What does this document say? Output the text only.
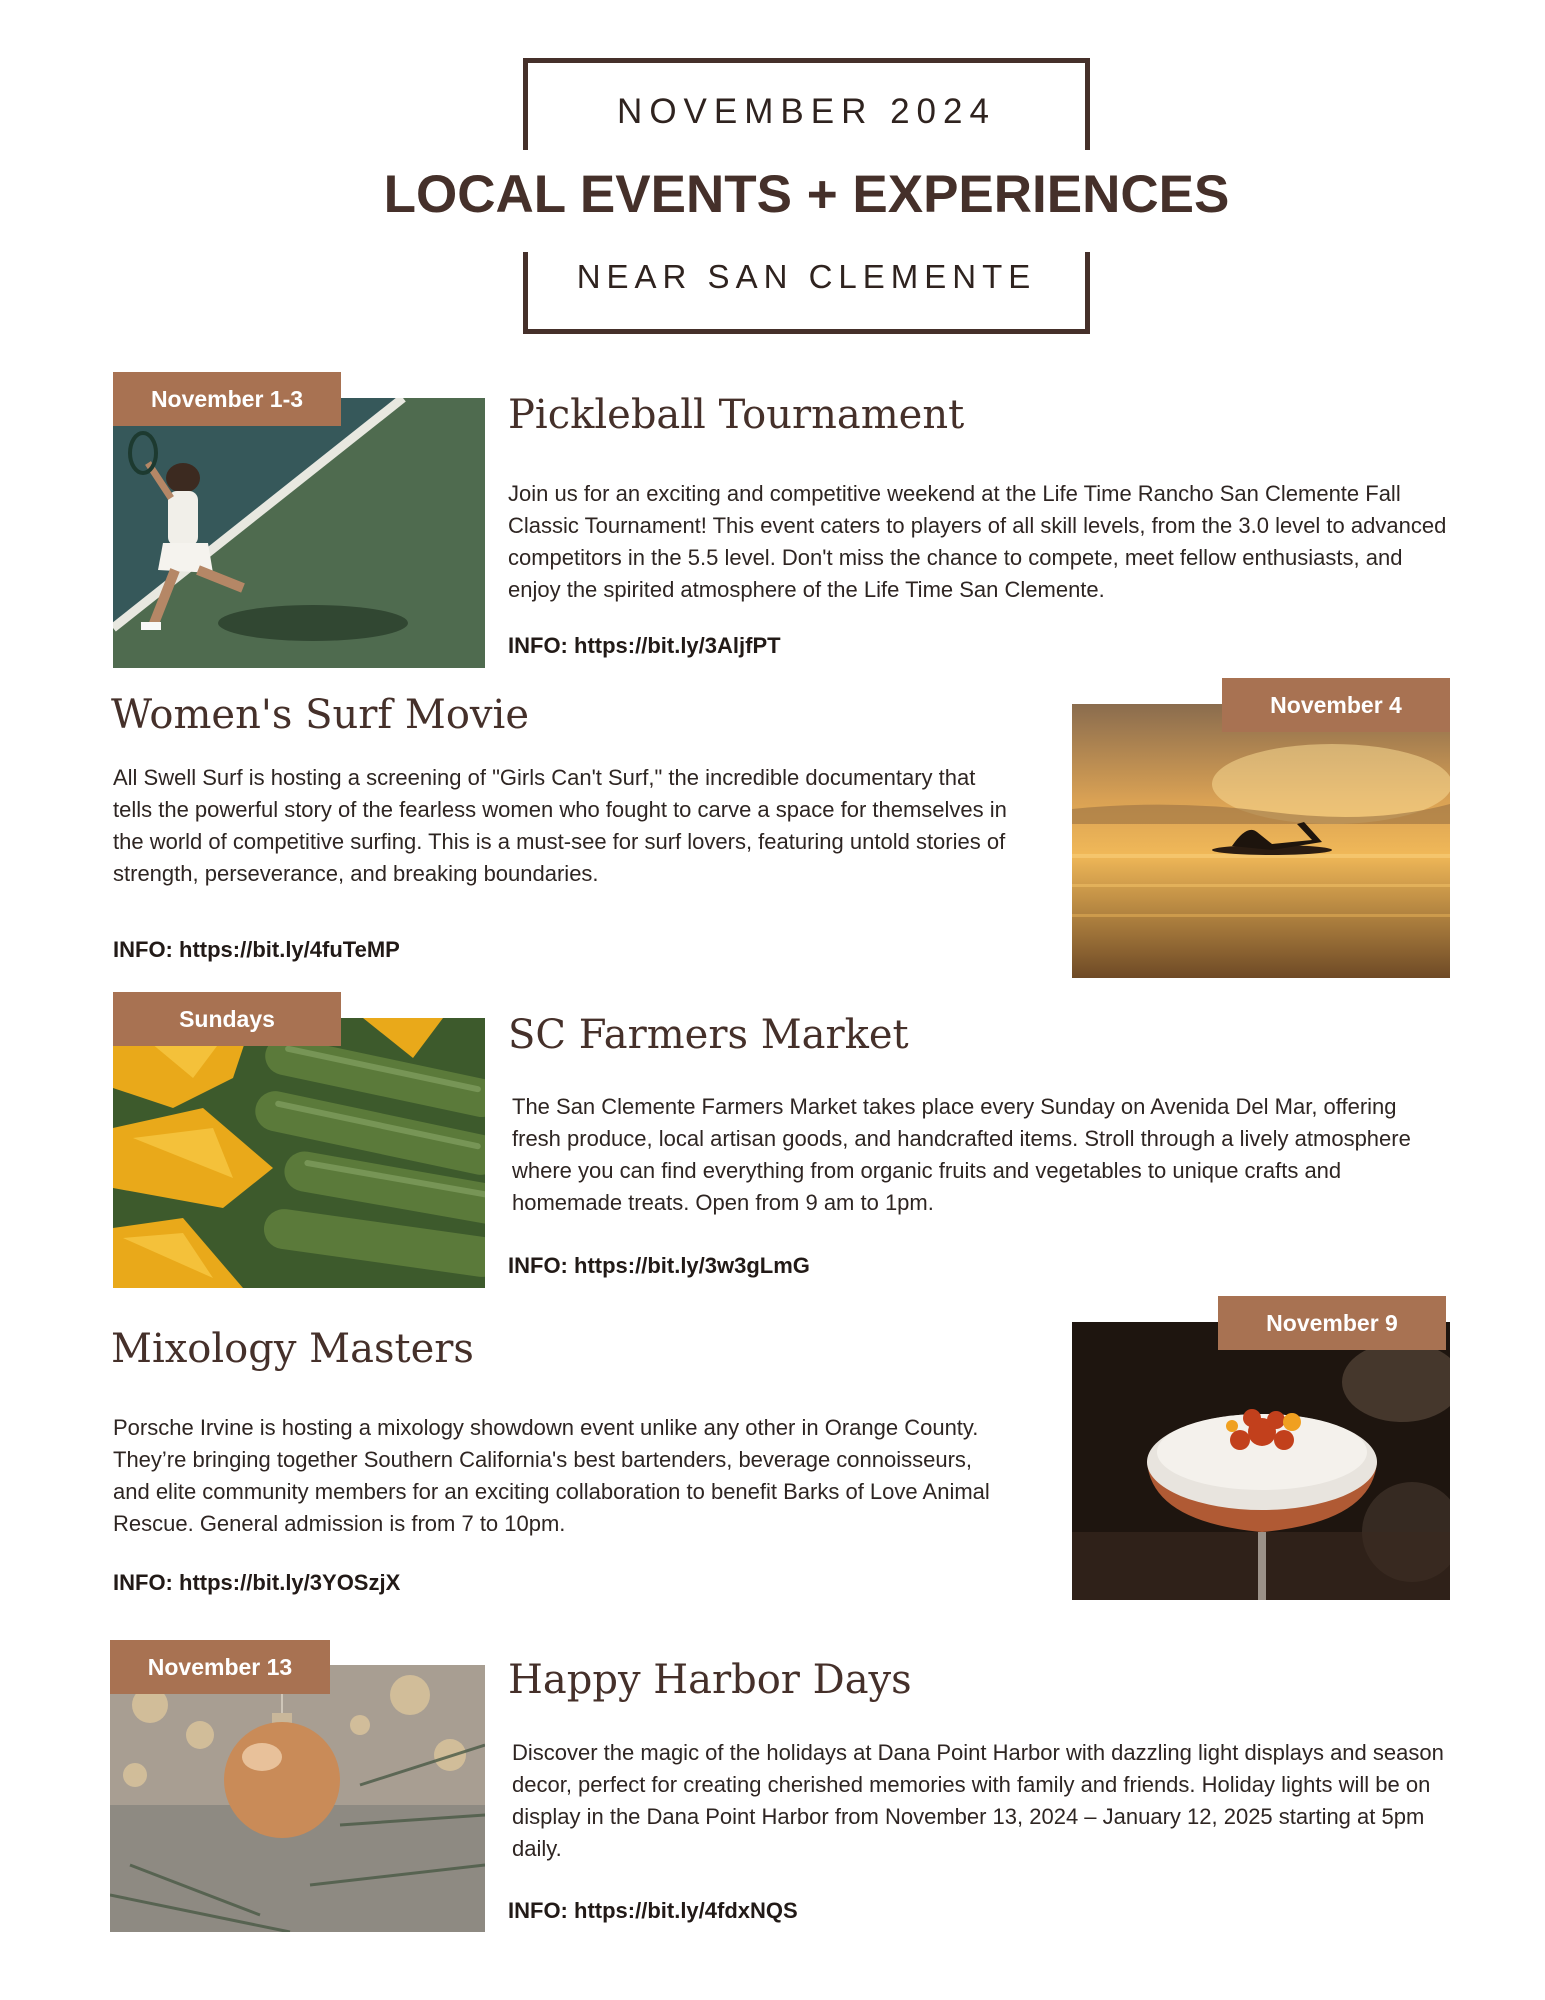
NOVEMBER 2024
LOCAL EVENTS + EXPERIENCES
NEAR SAN CLEMENTE
November 1-3	Pickleball Tournament
Join us for an exciting and competitive weekend at the Life Time Rancho San Clemente Fall Classic Tournament! This event caters to players of all skill levels, from the 3.0 level to advanced competitors in the 5.5 level. Don't miss the chance to compete, meet fellow enthusiasts, and enjoy the spirited atmosphere of the Life Time San Clemente.
INFO: https://bit.ly/3AljfPT
Women's Surf Movie
All Swell Surf is hosting a screening of "Girls Can't Surf," the incredible documentary that tells the powerful story of the fearless women who fought to carve a space for themselves in the world of competitive surfing. This is a must-see for surf lovers, featuring untold stories of strength, perseverance, and breaking boundaries.
INFO: https://bit.ly/4fuTeMP
November 4
Sundays	SC Farmers Market
The San Clemente Farmers Market takes place every Sunday on Avenida Del Mar, offering fresh produce, local artisan goods, and handcrafted items. Stroll through a lively atmosphere where you can find everything from organic fruits and vegetables to unique crafts and homemade treats. Open from 9 am to 1pm.
INFO: https://bit.ly/3w3gLmG
Mixology Masters
Porsche Irvine is hosting a mixology showdown event unlike any other in Orange County. They’re bringing together Southern California's best bartenders, beverage connoisseurs, and elite community members for an exciting collaboration to benefit Barks of Love Animal Rescue. General admission is from 7 to 10pm.
INFO: https://bit.ly/3YOSzjX
November 9
November 13	Happy Harbor Days
Discover the magic of the holidays at Dana Point Harbor with dazzling light displays and season decor, perfect for creating cherished memories with family and friends. Holiday lights will be on display in the Dana Point Harbor from November 13, 2024 – January 12, 2025 starting at 5pm daily.
INFO: https://bit.ly/4fdxNQS
